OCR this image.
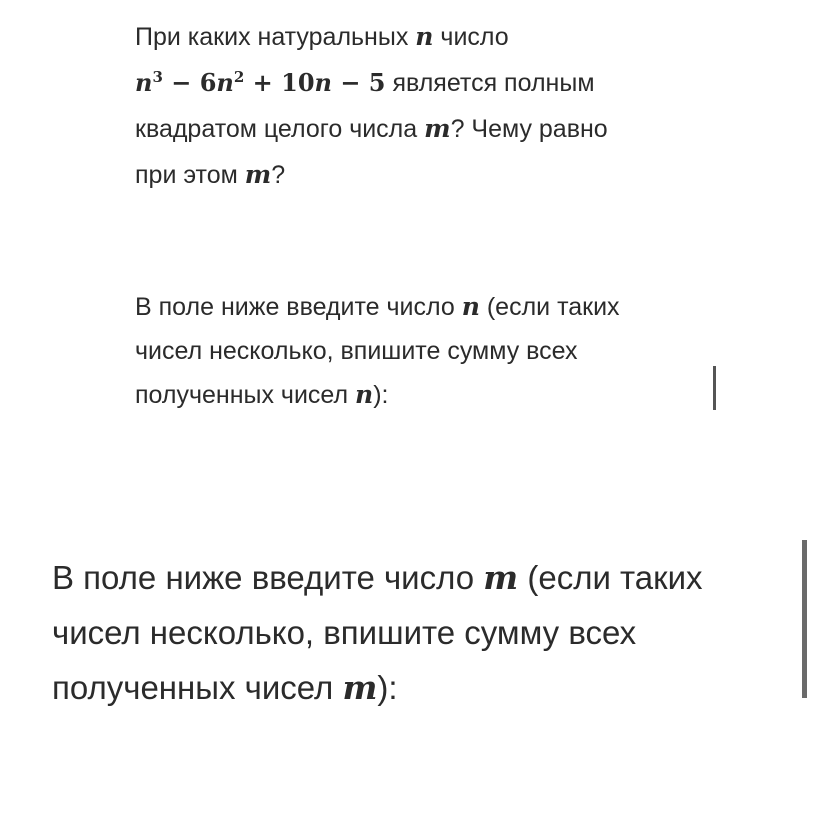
При каких натуральных n число
$n^3 - 6n^2 + 10n - 5$ является полным
квадратом целого числа m? Чему равно
при этом m?
В поле ниже введите число n (если таких
чисел несколько, впишите сумму всех
полученных чисел n):
В поле ниже введите число m (если таких
чисел несколько, впишите сумму всех
полученных чисел m):
